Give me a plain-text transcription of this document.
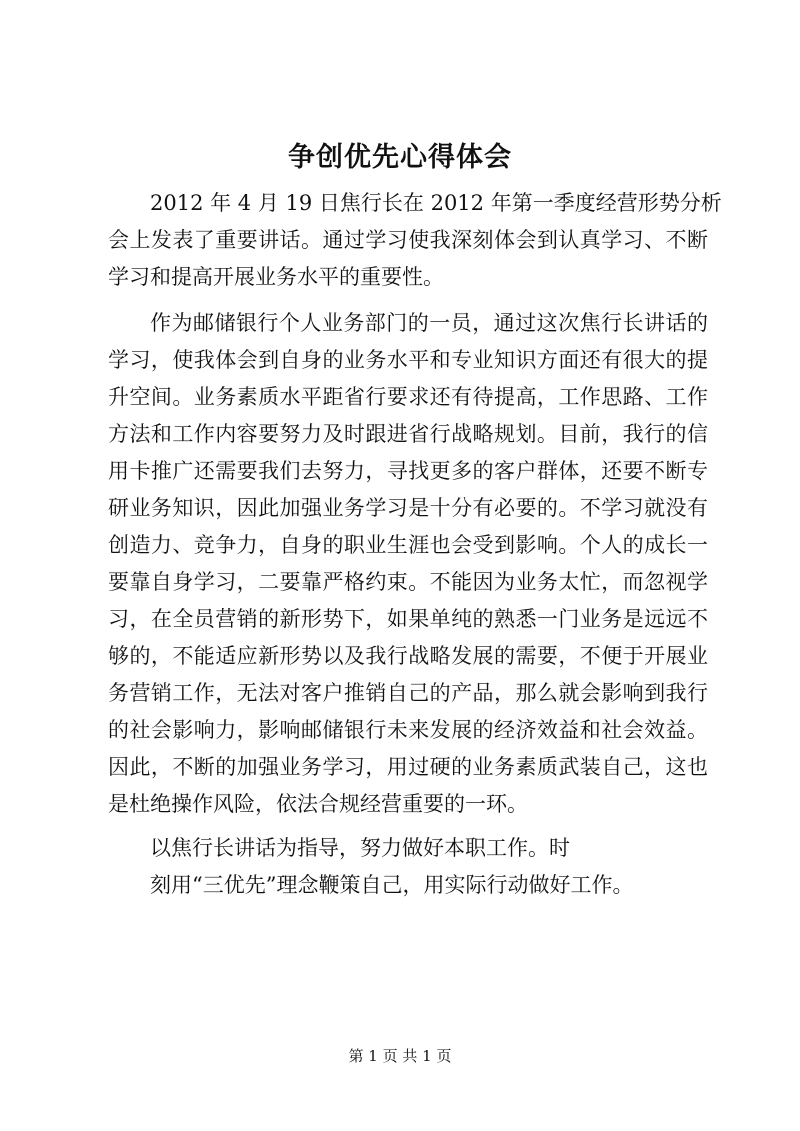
争创优先心得体会

2012 年 4 月 19 日焦行长在 2012 年第一季度经营形势分析

会上发表了重要讲话。通过学习使我深刻体会到认真学习、不断

学习和提高开展业务水平的重要性。

作为邮储银行个人业务部门的一员，通过这次焦行长讲话的

学习，使我体会到自身的业务水平和专业知识方面还有很大的提

升空间。业务素质水平距省行要求还有待提高，工作思路、工作

方法和工作内容要努力及时跟进省行战略规划。目前，我行的信

用卡推广还需要我们去努力，寻找更多的客户群体，还要不断专

研业务知识，因此加强业务学习是十分有必要的。不学习就没有

创造力、竞争力，自身的职业生涯也会受到影响。个人的成长一

要靠自身学习，二要靠严格约束。不能因为业务太忙，而忽视学

习，在全员营销的新形势下，如果单纯的熟悉一门业务是远远不

够的，不能适应新形势以及我行战略发展的需要，不便于开展业

务营销工作，无法对客户推销自己的产品，那么就会影响到我行

的社会影响力，影响邮储银行未来发展的经济效益和社会效益。

因此，不断的加强业务学习，用过硬的业务素质武装自己，这也

是杜绝操作风险，依法合规经营重要的一环。

以焦行长讲话为指导，努力做好本职工作。时

刻用“三优先”理念鞭策自己，用实际行动做好工作。

第 1 页 共 1 页
